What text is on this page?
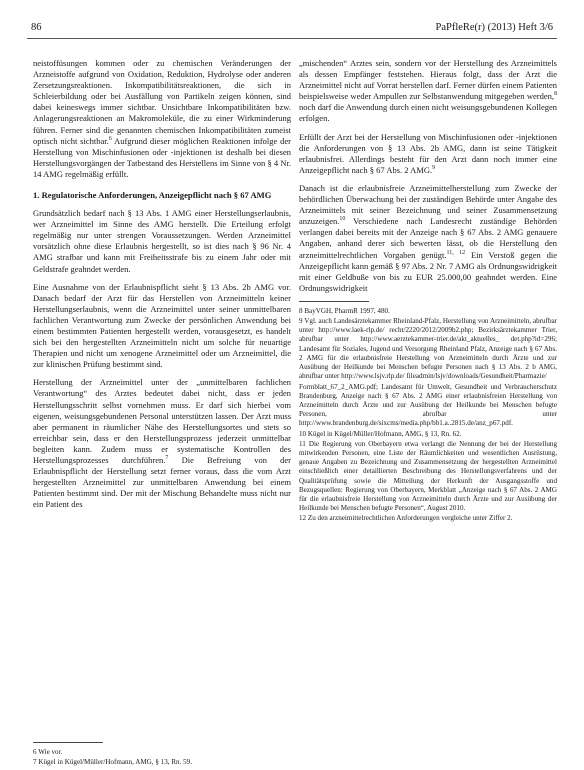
86	PaPfleRe(r) (2013) Heft 3/6

neistoffüsungen kommen oder zu chemischen Veränderungen der Arzneistoffe aufgrund von Oxidation, Reduktion, Hydrolyse oder anderen Zersetzungsreaktionen. Inkompatibilitätsreaktionen, die sich in Schleierbildung oder bei Ausfällung von Partikeln zeigen können, sind dabei keineswegs immer sichtbar. Unsichtbare Inkompatibilitäten bzw. Anlagerungsreaktionen an Makromoleküle, die zu einer Wirkminderung führen. Ferner sind die genannten chemischen Inkompatibilitäten zumeist optisch nicht sichtbar.$^6$ Aufgrund dieser möglichen Reaktionen infolge der Herstellung von Mischinfusionen oder -injektionen ist deshalb bei diesen Herstellungsvorgängen der Tatbestand des Herstellens im Sinne von § 4 Nr. 14 AMG regelmäßig erfüllt.

1. Regulatorische Anforderungen, Anzeigepflicht nach § 67 AMG

Grundsätzlich bedarf nach § 13 Abs. 1 AMG einer Herstellungserlaubnis, wer Arzneimittel im Sinne des AMG herstellt. Die Erteilung erfolgt regelmäßig nur unter strengen Voraussetzungen. Werden Arzneimittel vorsätzlich ohne diese Erlaubnis hergestellt, so ist dies nach § 96 Nr. 4 AMG strafbar und kann mit Freiheitsstrafe bis zu einem Jahr oder mit Geldstrafe geahndet werden.

Eine Ausnahme von der Erlaubnispflicht sieht § 13 Abs. 2b AMG vor. Danach bedarf der Arzt für das Herstellen von Arzneimitteln keiner Herstellungserlaubnis, wenn die Arzneimittel unter seiner unmittelbaren fachlichen Verantwortung zum Zwecke der persönlichen Anwendung bei einem bestimmten Patienten hergestellt werden, vorausgesetzt, es handelt sich bei den hergestellten Arzneimitteln nicht um solche für neuartige Therapien und nicht um xenogene Arzneimittel oder um Arzneimittel, die zur klinischen Prüfung bestimmt sind.

Herstellung der Arzneimittel unter der „unmittelbaren fachlichen Verantwortung“ des Arztes bedeutet dabei nicht, dass er jeden Herstellungsschritt selbst vornehmen muss. Er darf sich hierbei vom eigenen, weisungsgebundenen Personal unterstützen lassen. Der Arzt muss aber permanent in räumlicher Nähe des Herstellungsortes und stets so erreichbar sein, dass er den Herstellungsprozess jederzeit unmittelbar begleiten kann. Zudem muss er systematische Kontrollen des Herstellungsprozesses durchführen.$^7$ Die Befreiung von der Erlaubnispflicht der Herstellung setzt ferner voraus, dass die vom Arzt hergestellten Arzneimittel zur unmittelbaren Anwendung bei einem Patienten bestimmt sind. Der mit der Mischung Behandelte muss nicht nur ein Patient des

6 Wie vor.
7 Kügel in Kügel/Müller/Hofmann, AMG, § 13, Rn. 59.

„mischenden“ Arztes sein, sondern vor der Herstellung des Arzneimittels als dessen Empfänger feststehen. Hieraus folgt, dass der Arzt die Arzneimittel nicht auf Vorrat herstellen darf. Ferner dürfen einem Patienten beispielsweise weder Ampullen zur Selbstanwendung mitgegeben werden,$^8$ noch darf die Anwendung durch einen nicht weisungsgebundenen Kollegen erfolgen.

Erfüllt der Arzt bei der Herstellung von Mischinfusionen oder -injektionen die Anforderungen von § 13 Abs. 2b AMG, dann ist seine Tätigkeit erlaubnisfrei. Allerdings besteht für den Arzt dann noch immer eine Anzeigepflicht nach § 67 Abs. 2 AMG.$^9$

Danach ist die erlaubnisfreie Arzneimittelherstellung zum Zwecke der behördlichen Überwachung bei der zuständigen Behörde unter Angabe des Arzneimittels mit seiner Bezeichnung und seiner Zusammensetzung anzuzeigen.$^{10}$ Verschiedene nach Landesrecht zuständige Behörden verlangen dabei bereits mit der Anzeige nach § 67 Abs. 2 AMG genauere Angaben, anhand derer sich bewerten lässt, ob die Herstellung den arzneimittelrechtlichen Vorgaben genügt.$^{11, 12}$ Ein Verstoß gegen die Anzeigepflicht kann gemäß § 97 Abs. 2 Nr. 7 AMG als Ordnungswidrigkeit mit einer Geldbuße von bis zu EUR 25.000,00 geahndet werden. Eine Ordnungswidrigkeit

8 BayVGH, PharmR 1997, 480.
9 Vgl. auch Landesärztekammer Rheinland-Pfalz, Herstellung von Arzneimitteln, abrufbar unter http://www.laek-rlp.de/ recht/2220/2012/2009b2.php; Bezirksärztekammer Trier, abrufbar unter http://www.aerztekammer-trier.de/akt_aktuelles_ det.php?id=296; Landesamt für Soziales, Jugend und Versorgung Rheinland Pfalz, Anzeige nach § 67 Abs. 2 AMG für die erlaubnisfreie Herstellung von Arzneimitteln durch Ärzte und zur Ausübung der Heilkunde bei Menschen befugte Personen nach § 13 Abs. 2 b AMG, abrufbar unter http://www.lsjv.rlp.de/ fileadmin/lsjv/downloads/Gesundheit/Pharmazie/
Formblatt_67_2_AMG.pdf; Landesamt für Umwelt, Gesundheit und Verbraucherschutz Brandenburg, Anzeige nach § 67 Abs. 2 AMG einer erlaubnisfreien Herstellung von Arzneimitteln durch Ärzte und zur Ausübung der Heilkunde bei Menschen befugte Personen, abrufbar unter http://www.brandenburg.de/sixcms/media.php/bb1.a..2815.de/anz_p67.pdf.
10 Kügel in Kügel/Müller/Hofmann, AMG, § 13, Rn. 62.
11 Die Regierung von Oberbayern etwa verlangt die Nennung der bei der Herstellung mitwirkenden Personen, eine Liste der Räumlichkeiten und wesentlichen Ausrüstung, genaue Angaben zu Bezeichnung und Zusammensetzung der hergestellten Arzneimittel einschließlich einer detaillierten Beschreibung des Herstellungsverfahrens und der Qualitätsprüfung sowie die Mitteilung der Herkunft der Ausgangsstoffe und Bezugsquellen: Regierung von Oberbayern, Merkblatt „Anzeige nach § 67 Abs. 2 AMG für die erlaubnisfreie Herstellung von Arzneimitteln durch Ärzte und zur Ausübung der Heilkunde bei Menschen befugte Personen“, August 2010.
12 Zu den arzneimittelrechtlichen Anforderungen vergleiche unter Ziffer 2.
